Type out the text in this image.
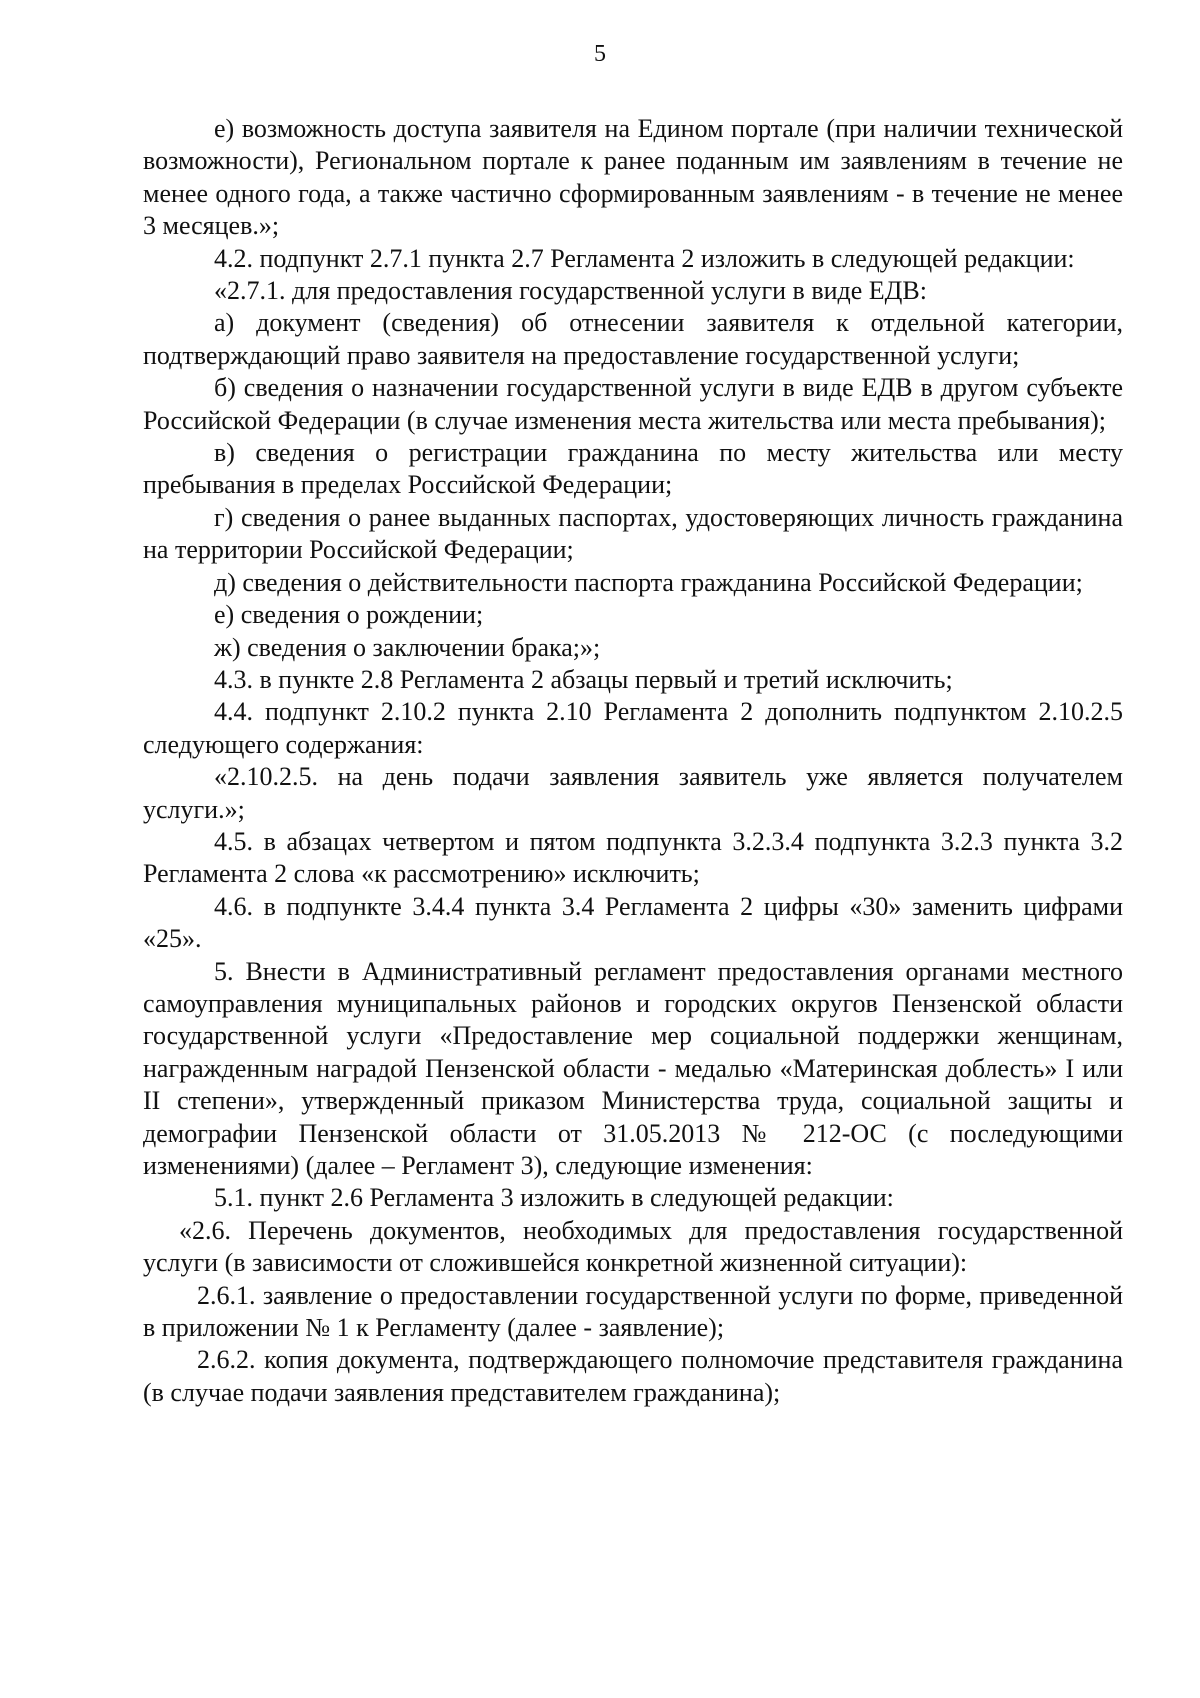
5

е) возможность доступа заявителя на Едином портале (при наличии технической возможности), Региональном портале к ранее поданным им заявлениям в течение не менее одного года, а также частично сформированным заявлениям - в течение не менее 3 месяцев.»;

4.2. подпункт 2.7.1 пункта 2.7 Регламента 2 изложить в следующей редакции:

«2.7.1. для предоставления государственной услуги в виде ЕДВ:

а) документ (сведения) об отнесении заявителя к отдельной категории, подтверждающий право заявителя на предоставление государственной услуги;

б) сведения о назначении государственной услуги в виде ЕДВ в другом субъекте Российской Федерации (в случае изменения места жительства или места пребывания);

в) сведения о регистрации гражданина по месту жительства или месту пребывания в пределах Российской Федерации;

г) сведения о ранее выданных паспортах, удостоверяющих личность гражданина на территории Российской Федерации;

д) сведения о действительности паспорта гражданина Российской Федерации;

е) сведения о рождении;

ж) сведения о заключении брака;»;

4.3. в пункте 2.8 Регламента 2 абзацы первый и третий исключить;

4.4. подпункт 2.10.2 пункта 2.10 Регламента 2 дополнить подпунктом 2.10.2.5 следующего содержания:

«2.10.2.5. на день подачи заявления заявитель уже является получателем услуги.»;

4.5. в абзацах четвертом и пятом подпункта 3.2.3.4 подпункта 3.2.3 пункта 3.2 Регламента 2 слова «к рассмотрению» исключить;

4.6. в подпункте 3.4.4 пункта 3.4 Регламента 2 цифры «30» заменить цифрами «25».

5. Внести в Административный регламент предоставления органами местного самоуправления муниципальных районов и городских округов Пензенской области государственной услуги «Предоставление мер социальной поддержки женщинам, награжденным наградой Пензенской области - медалью «Материнская доблесть» I или II степени», утвержденный приказом Министерства труда, социальной защиты и демографии Пензенской области от 31.05.2013 № 212-ОС (с последующими изменениями) (далее – Регламент 3), следующие изменения:

5.1. пункт 2.6 Регламента 3 изложить в следующей редакции:

«2.6. Перечень документов, необходимых для предоставления государственной услуги (в зависимости от сложившейся конкретной жизненной ситуации):

2.6.1. заявление о предоставлении государственной услуги по форме, приведенной в приложении № 1 к Регламенту (далее - заявление);

2.6.2. копия документа, подтверждающего полномочие представителя гражданина (в случае подачи заявления представителем гражданина);
